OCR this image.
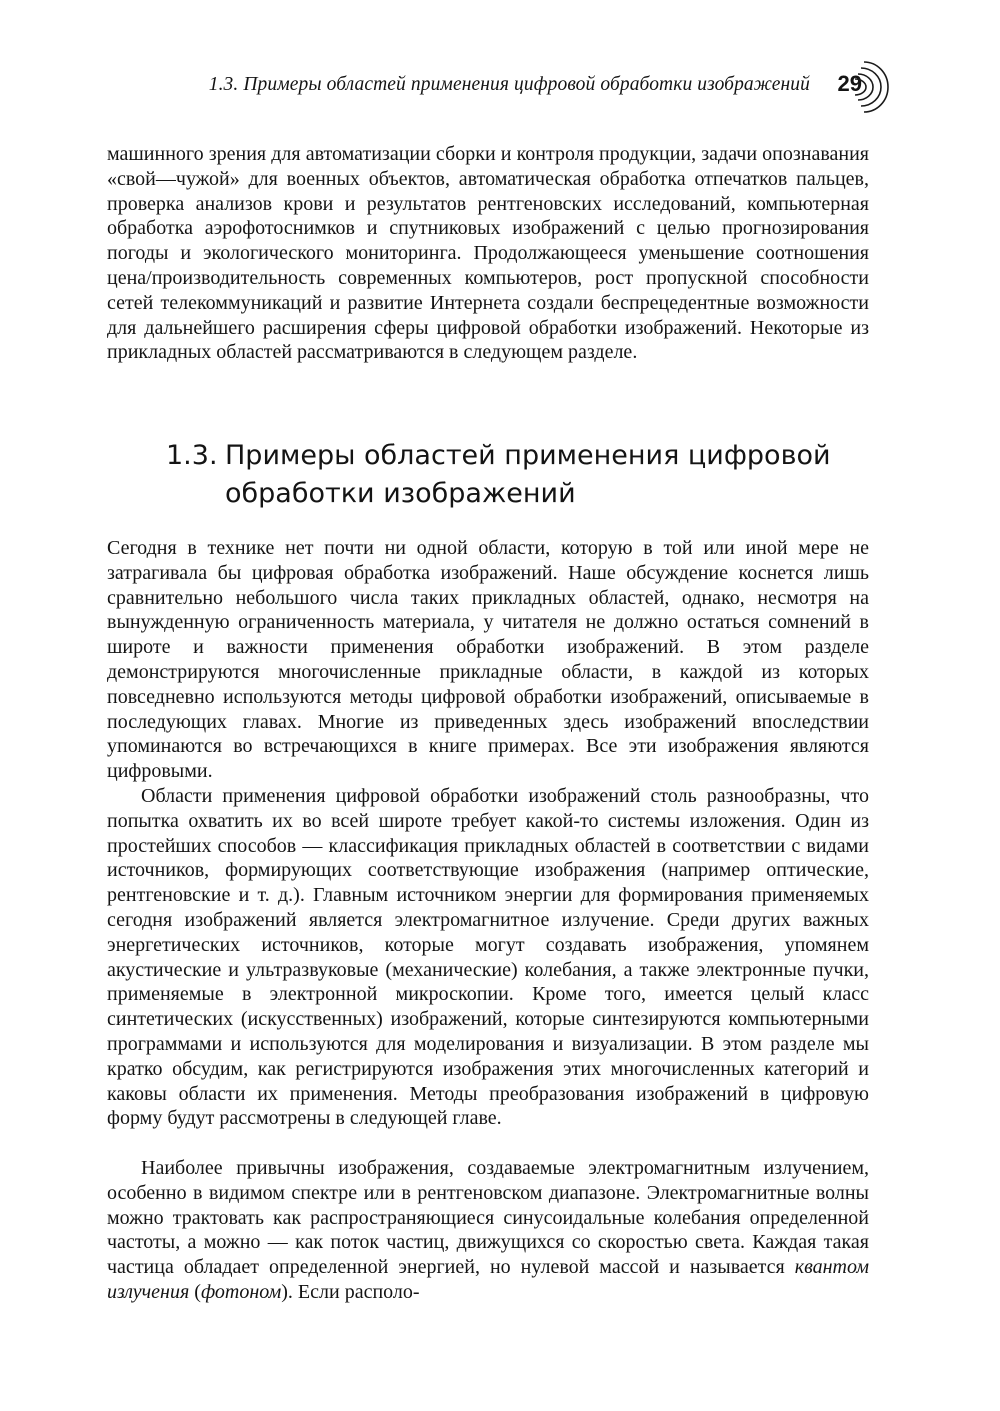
1.3. Примеры областей применения цифровой обработки изображений 29

машинного зрения для автоматизации сборки и контроля продукции, задачи опознавания «свой—чужой» для военных объектов, автоматическая обработка отпечатков пальцев, проверка анализов крови и результатов рентгеновских исследований, компьютерная обработка аэрофотоснимков и спутниковых изображений с целью прогнозирования погоды и экологического мониторинга. Продолжающееся уменьшение соотношения цена/производительность современных компьютеров, рост пропускной способности сетей телекоммуникаций и развитие Интернета создали беспрецедентные возможности для дальнейшего расширения сферы цифровой обработки изображений. Некоторые из прикладных областей рассматриваются в следующем разделе.

1.3. Примеры областей применения цифровой обработки изображений

Сегодня в технике нет почти ни одной области, которую в той или иной мере не затрагивала бы цифровая обработка изображений. Наше обсуждение коснется лишь сравнительно небольшого числа таких прикладных областей, однако, несмотря на вынужденную ограниченность материала, у читателя не должно остаться сомнений в широте и важности применения обработки изображений. В этом разделе демонстрируются многочисленные прикладные области, в каждой из которых повседневно используются методы цифровой обработки изображений, описываемые в последующих главах. Многие из приведенных здесь изображений впоследствии упоминаются во встречающихся в книге примерах. Все эти изображения являются цифровыми.

Области применения цифровой обработки изображений столь разнообразны, что попытка охватить их во всей широте требует какой-то системы изложения. Один из простейших способов — классификация прикладных областей в соответствии с видами источников, формирующих соответствующие изображения (например оптические, рентгеновские и т. д.). Главным источником энергии для формирования применяемых сегодня изображений является электромагнитное излучение. Среди других важных энергетических источников, которые могут создавать изображения, упомянем акустические и ультразвуковые (механические) колебания, а также электронные пучки, применяемые в электронной микроскопии. Кроме того, имеется целый класс синтетических (искусственных) изображений, которые синтезируются компьютерными программами и используются для моделирования и визуализации. В этом разделе мы кратко обсудим, как регистрируются изображения этих многочисленных категорий и каковы области их применения. Методы преобразования изображений в цифровую форму будут рассмотрены в следующей главе.

Наиболее привычны изображения, создаваемые электромагнитным излучением, особенно в видимом спектре или в рентгеновском диапазоне. Электромагнитные волны можно трактовать как распространяющиеся синусоидальные колебания определенной частоты, а можно — как поток частиц, движущихся со скоростью света. Каждая такая частица обладает определенной энергией, но нулевой массой и называется квантом излучения (фотоном). Если располо-
